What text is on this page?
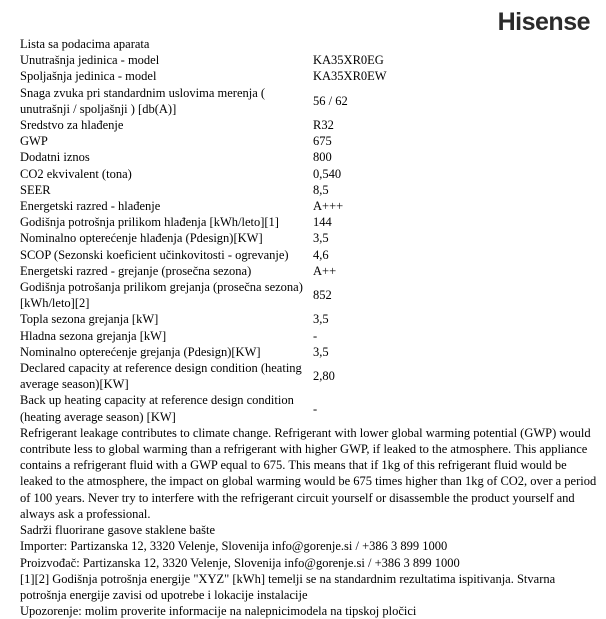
Hisense
Lista sa podacima aparata	
Unutrašnja jedinica - model	KA35XR0EG
Spoljašnja jedinica - model	KA35XR0EW
Snaga zvuka pri standardnim uslovima merenja ( unutrašnji / spoljašnji ) [db(A)]	56 / 62
Sredstvo za hlađenje	R32
GWP	675
Dodatni iznos	800
CO2 ekvivalent (tona)	0,540
SEER	8,5
Energetski razred - hlađenje	A+++
Godišnja potrošnja prilikom hlađenja [kWh/leto][1]	144
Nominalno opterećenje hlađenja (Pdesign)[KW]	3,5
SCOP (Sezonski koeficient učinkovitosti - ogrevanje)	4,6
Energetski razred - grejanje (prosečna sezona)	A++
Godišnja potrošanja prilikom grejanja (prosečna sezona)[kWh/leto][2]	852
Topla sezona grejanja [kW]	3,5
Hladna sezona grejanja [kW]	-
Nominalno opterećenje grejanja (Pdesign)[KW]	3,5
Declared capacity at reference design condition (heating average season)[KW]	2,80
Back up heating capacity at reference design condition (heating average season) [KW]	-

Refrigerant leakage contributes to climate change. Refrigerant with lower global warming potential (GWP) would contribute less to global warming than a refrigerant with higher GWP, if leaked to the atmosphere. This appliance contains a refrigerant fluid with a GWP equal to 675. This means that if 1kg of this refrigerant fluid would be leaked to the atmosphere, the impact on global warming would be 675 times higher than 1kg of CO2, over a period of 100 years. Never try to interfere with the refrigerant circuit yourself or disassemble the product yourself and always ask a professional.

Sadrži fluorirane gasove staklene bašte

Importer: Partizanska 12, 3320 Velenje, Slovenija info@gorenje.si / +386 3 899 1000

Proizvođač: Partizanska 12, 3320 Velenje, Slovenija info@gorenje.si / +386 3 899 1000

[1][2] Godišnja potrošnja energije "XYZ" [kWh] temelji se na standardnim rezultatima ispitivanja. Stvarna potrošnja energije zavisi od upotrebe i lokacije instalacije

Upozorenje: molim proverite informacije na nalepnicimodela na tipskoj pločici
